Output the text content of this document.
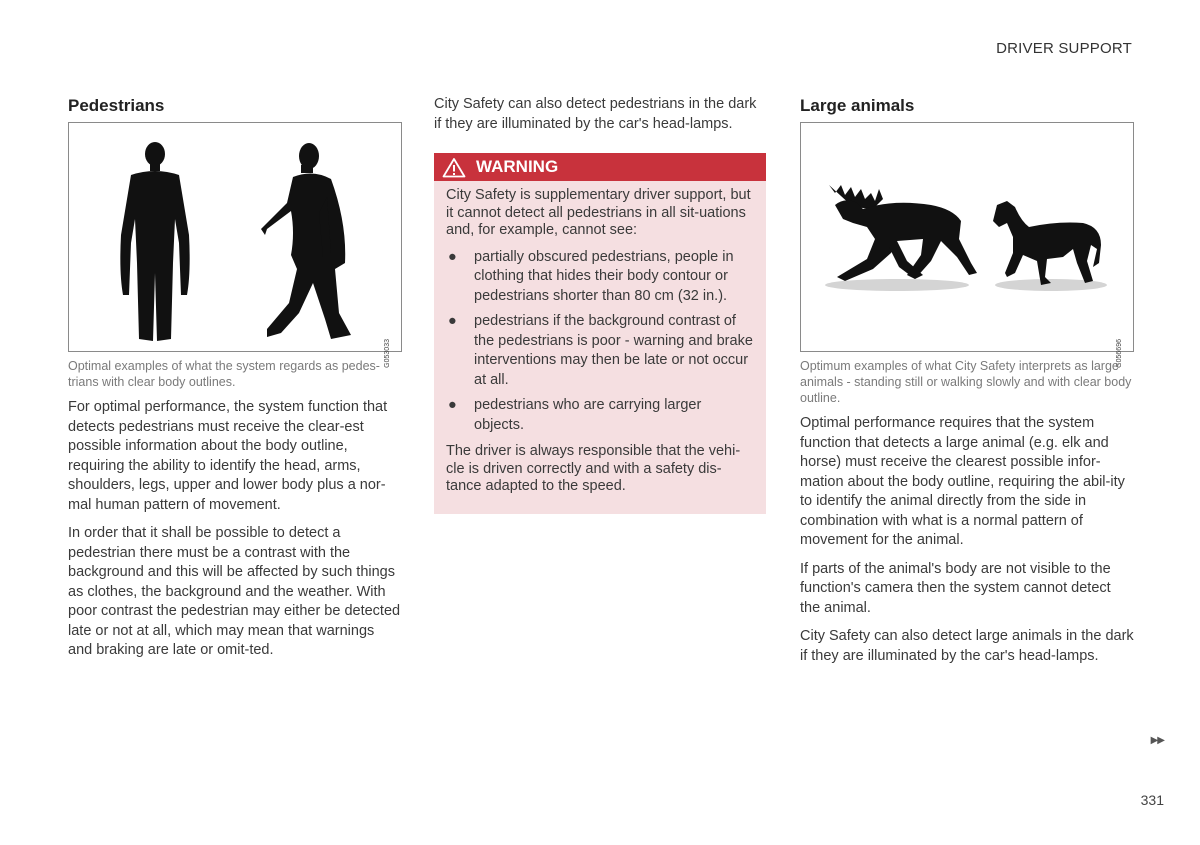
DRIVER SUPPORT
Pedestrians
G053033
Optimal examples of what the system regards as pedes-trians with clear body outlines.

For optimal performance, the system function that detects pedestrians must receive the clear-est possible information about the body outline, requiring the ability to identify the head, arms, shoulders, legs, upper and lower body plus a nor-mal human pattern of movement.

In order that it shall be possible to detect a pedestrian there must be a contrast with the background and this will be affected by such things as clothes, the background and the weather. With poor contrast the pedestrian may either be detected late or not at all, which may mean that warnings and braking are late or omit-ted.

City Safety can also detect pedestrians in the dark if they are illuminated by the car's head-lamps.

WARNING

City Safety is supplementary driver support, but it cannot detect all pedestrians in all sit-uations and, for example, cannot see:

● partially obscured pedestrians, people in clothing that hides their body contour or pedestrians shorter than 80 cm (32 in.).
● pedestrians if the background contrast of the pedestrians is poor - warning and brake interventions may then be late or not occur at all.
● pedestrians who are carrying larger objects.

The driver is always responsible that the vehi-cle is driven correctly and with a safety dis-tance adapted to the speed.

Large animals
G056696
Optimum examples of what City Safety interprets as large animals - standing still or walking slowly and with clear body outline.

Optimal performance requires that the system function that detects a large animal (e.g. elk and horse) must receive the clearest possible infor-mation about the body outline, requiring the abil-ity to identify the animal directly from the side in combination with what is a normal pattern of movement for the animal.

If parts of the animal's body are not visible to the function's camera then the system cannot detect the animal.

City Safety can also detect large animals in the dark if they are illuminated by the car's head-lamps.

▶▶
331
